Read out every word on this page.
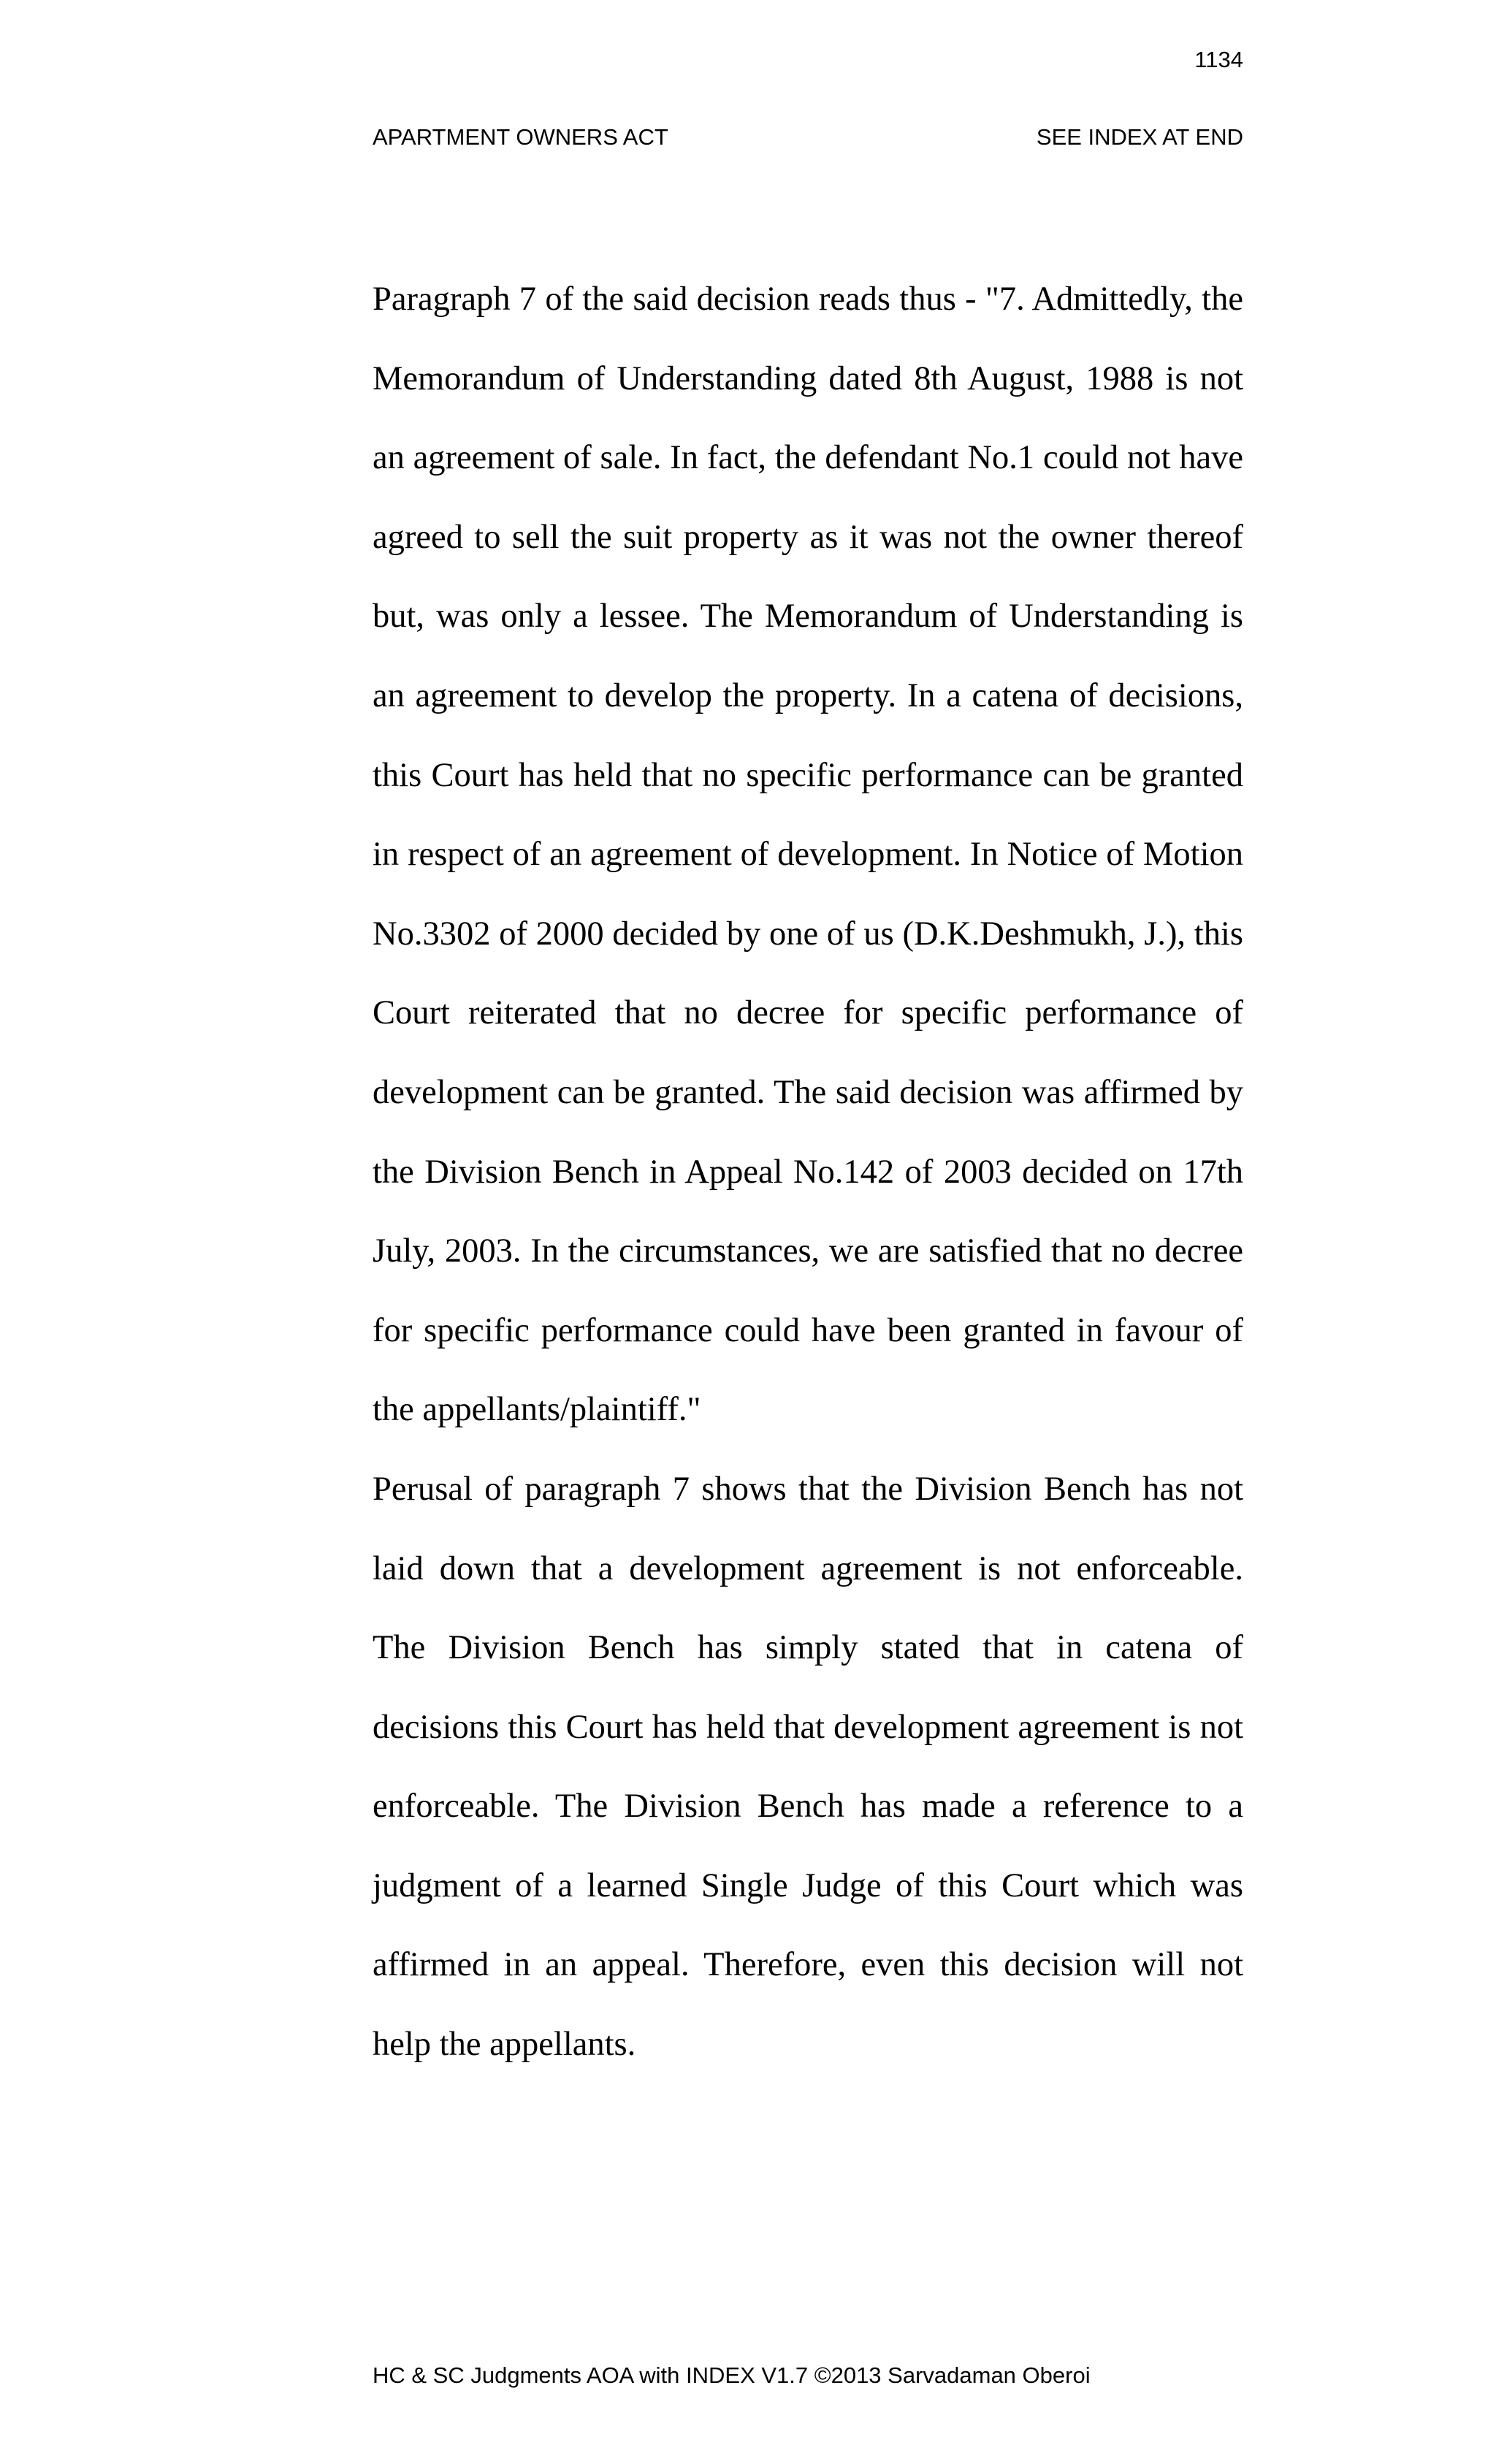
1134
APARTMENT OWNERS ACT	SEE INDEX AT END

Paragraph 7 of the said decision reads thus - "7. Admittedly, the Memorandum of Understanding dated 8th August, 1988 is not an agreement of sale. In fact, the defendant No.1 could not have agreed to sell the suit property as it was not the owner thereof but, was only a lessee. The Memorandum of Understanding is an agreement to develop the property. In a catena of decisions, this Court has held that no specific performance can be granted in respect of an agreement of development. In Notice of Motion No.3302 of 2000 decided by one of us (D.K.Deshmukh, J.), this Court reiterated that no decree for specific performance of development can be granted. The said decision was affirmed by the Division Bench in Appeal No.142 of 2003 decided on 17th July, 2003. In the circumstances, we are satisfied that no decree for specific performance could have been granted in favour of the appellants/plaintiff."

Perusal of paragraph 7 shows that the Division Bench has not laid down that a development agreement is not enforceable. The Division Bench has simply stated that in catena of decisions this Court has held that development agreement is not enforceable. The Division Bench has made a reference to a judgment of a learned Single Judge of this Court which was affirmed in an appeal. Therefore, even this decision will not help the appellants.

HC & SC Judgments AOA with INDEX V1.7 ©2013 Sarvadaman Oberoi
